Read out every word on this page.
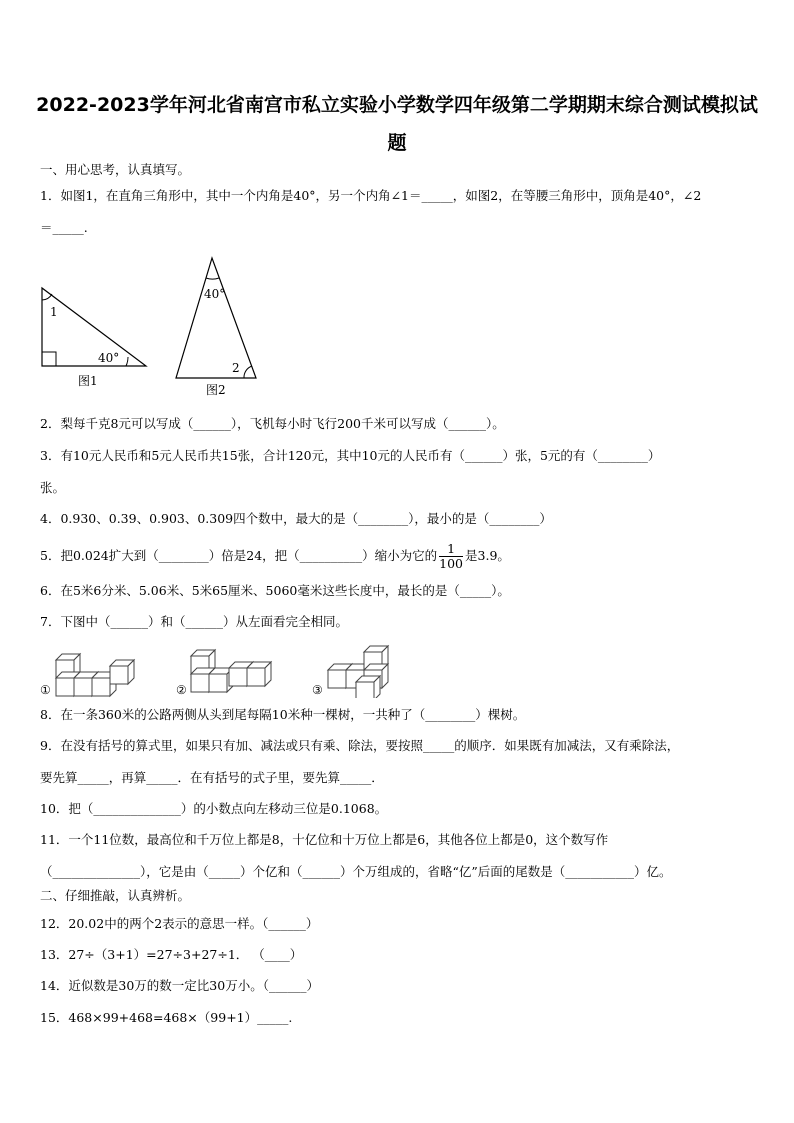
2022-2023学年河北省南宫市私立实验小学数学四年级第二学期期末综合测试模拟试
题
一、用心思考，认真填写。
1．如图1，在直角三角形中，其中一个内角是40°，另一个内角∠1＝_____，如图2，在等腰三角形中，顶角是40°，∠2
＝_____.
1
40°
图1
40°
2
图2
2．梨每千克8元可以写成（______），飞机每小时飞行200千米可以写成（______）。
3．有10元人民币和5元人民币共15张，合计120元，其中10元的人民币有（______）张，5元的有（________）
张。
4．0.930、0.39、0.903、0.309四个数中，最大的是（________），最小的是（________）
5．把0.024扩大到（________）倍是24，把（__________）缩小为它的 $\frac{1}{100}$ 是3.9。
6．在5米6分米、5.06米、5米65厘米、5060毫米这些长度中，最长的是（_____）。
7．下图中（______）和（______）从左面看完全相同。
①	②	③
8．在一条360米的公路两侧从头到尾每隔10米种一棵树，一共种了（________）棵树。
9．在没有括号的算式里，如果只有加、减法或只有乘、除法，要按照_____的顺序．如果既有加减法，又有乘除法，
要先算_____，再算_____．在有括号的式子里，要先算_____．
10．把（______________）的小数点向左移动三位是0.1068。
11．一个11位数，最高位和千万位上都是8，十亿位和十万位上都是6，其他各位上都是0，这个数写作
（______________），它是由（_____）个亿和（______）个万组成的，省略“亿”后面的尾数是（___________）亿。
二、仔细推敲，认真辨析。
12．20.02中的两个2表示的意思一样。（______）
13．27÷（3+1）=27÷3+27÷1． （____）
14．近似数是30万的数一定比30万小。（______）
15．468×99+468=468×（99+1）_____.
